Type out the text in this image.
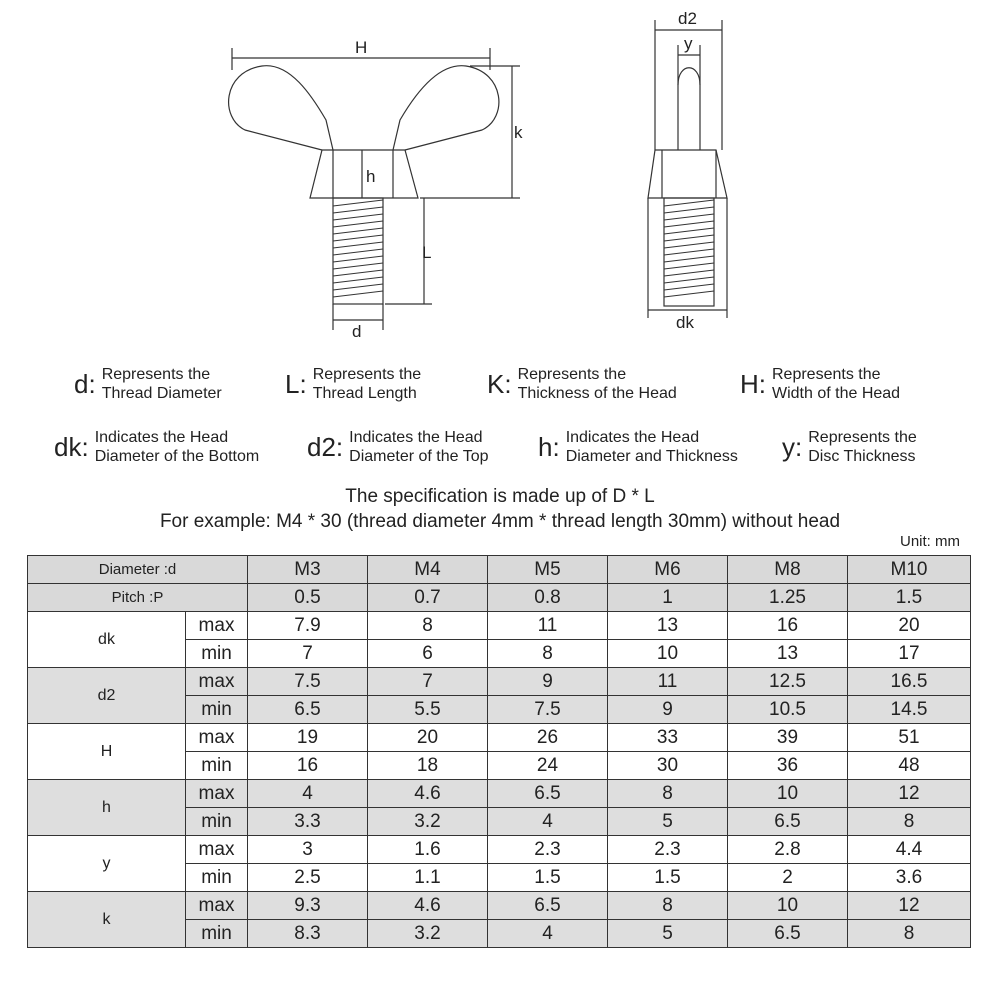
H
k
h
L
d
d2
y
dk
d: Represents the
Thread Diameter L: Represents the
Thread Length	K: Represents the
Thickness of the Head H: Represents the
Width of the Head
dk: Indicates the Head
Diameter of the Bottom d2: Indicates the Head
Diameter of the Top h: Indicates the Head
Diameter and Thickness y: Represents the
Disc Thickness
The specification is made up of D * L
For example: M4 * 30 (thread diameter 4mm * thread length 30mm) without head
Unit: mm
Diameter :d		M3	M4	M5	M6	M8	M10
Pitch :P		0.5	0.7	0.8	1	1.25	1.5
dk	max	7.9	8	11	13	16	20
	min	7	6	8	10	13	17
d2	max	7.5	7	9	11	12.5	16.5
	min	6.5	5.5	7.5	9	10.5	14.5
H	max	19	20	26	33	39	51
	min	16	18	24	30	36	48
h	max	4	4.6	6.5	8	10	12
	min	3.3	3.2	4	5	6.5	8
y	max	3	1.6	2.3	2.3	2.8	4.4
	min	2.5	1.1	1.5	1.5	2	3.6
k	max	9.3	4.6	6.5	8	10	12
	min	8.3	3.2	4	5	6.5	8
